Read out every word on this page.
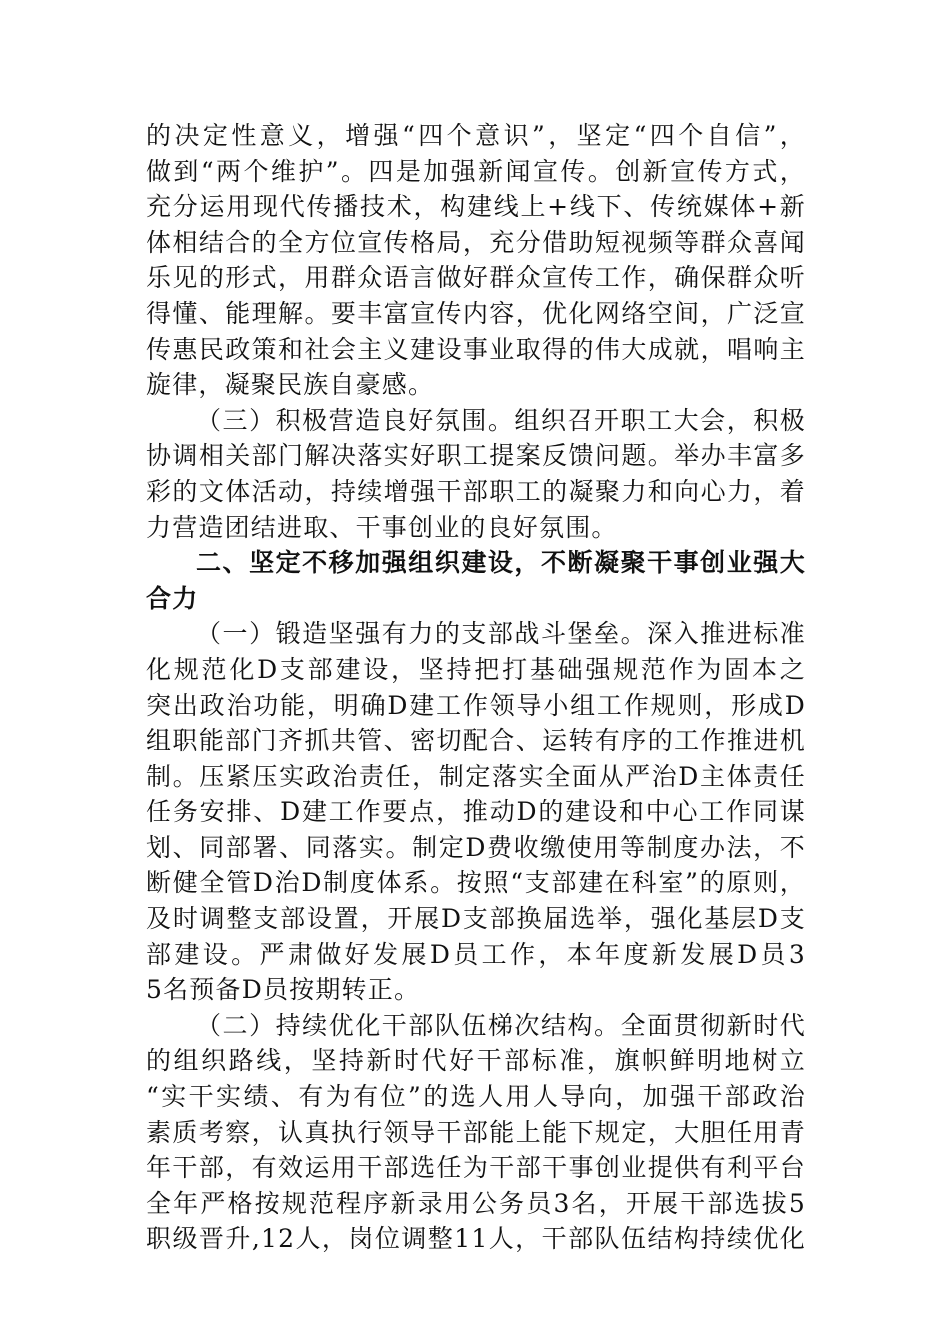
的决定性意义，增强“四个意识”，坚定“四个自信”，
做到“两个维护”。四是加强新闻宣传。创新宣传方式，
充分运用现代传播技术，构建线上+线下、传统媒体+新
体相结合的全方位宣传格局，充分借助短视频等群众喜闻
乐见的形式，用群众语言做好群众宣传工作，确保群众听
得懂、能理解。要丰富宣传内容，优化网络空间，广泛宣
传惠民政策和社会主义建设事业取得的伟大成就，唱响主
旋律，凝聚民族自豪感。
（三）积极营造良好氛围。组织召开职工大会，积极
协调相关部门解决落实好职工提案反馈问题。举办丰富多
彩的文体活动，持续增强干部职工的凝聚力和向心力，着
力营造团结进取、干事创业的良好氛围。
二、坚定不移加强组织建设，不断凝聚干事创业强大
合力
（一）锻造坚强有力的支部战斗堡垒。深入推进标准
化规范化D支部建设，坚持把打基础强规范作为固本之
突出政治功能，明确D建工作领导小组工作规则，形成D
组职能部门齐抓共管、密切配合、运转有序的工作推进机
制。压紧压实政治责任，制定落实全面从严治D主体责任
任务安排、D建工作要点，推动D的建设和中心工作同谋
划、同部署、同落实。制定D费收缴使用等制度办法，不
断健全管D治D制度体系。按照“支部建在科室”的原则，
及时调整支部设置，开展D支部换届选举，强化基层D支
部建设。严肃做好发展D员工作，本年度新发展D员3
5名预备D员按期转正。
（二）持续优化干部队伍梯次结构。全面贯彻新时代
的组织路线，坚持新时代好干部标准，旗帜鲜明地树立
“实干实绩、有为有位”的选人用人导向，加强干部政治
素质考察，认真执行领导干部能上能下规定，大胆任用青
年干部，有效运用干部选任为干部干事创业提供有利平台
全年严格按规范程序新录用公务员3名，开展干部选拔5
职级晋升,12人，岗位调整11人，干部队伍结构持续优化
